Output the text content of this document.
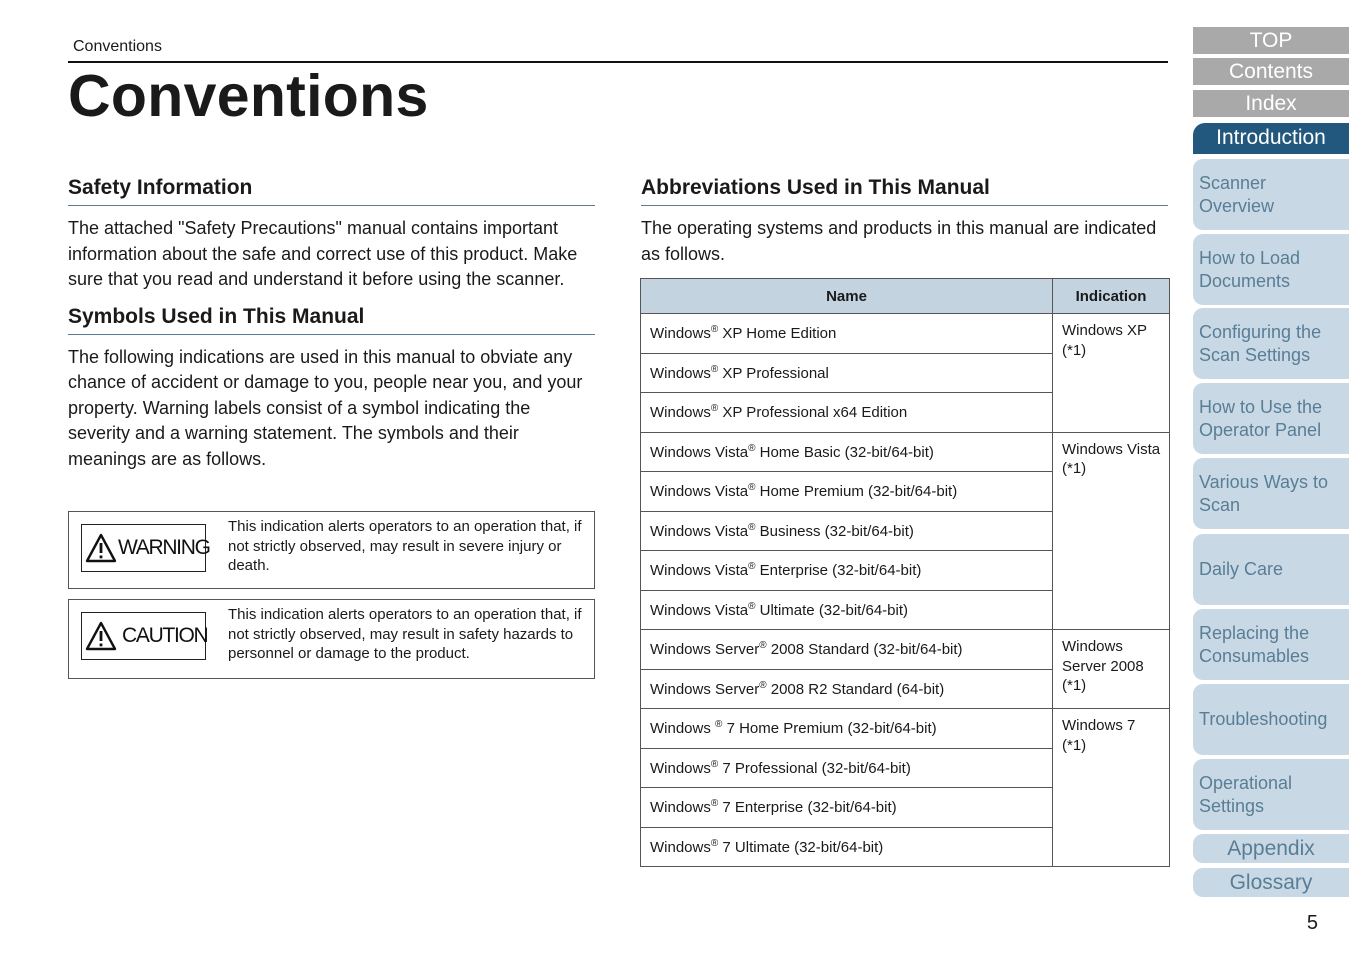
Conventions
Conventions
Safety Information

The attached "Safety Precautions" manual contains important information about the safe and correct use of this product. Make sure that you read and understand it before using the scanner.

Symbols Used in This Manual

The following indications are used in this manual to obviate any chance of accident or damage to you, people near you, and your property. Warning labels consist of a symbol indicating the severity and a warning statement. The symbols and their meanings are as follows.

WARNING
This indication alerts operators to an operation that, if not strictly observed, may result in severe injury or death.
CAUTION
This indication alerts operators to an operation that, if not strictly observed, may result in safety hazards to personnel or damage to the product.
Abbreviations Used in This Manual

The operating systems and products in this manual are indicated as follows.

Name	Indication
Windows® XP Home Edition	Windows XP (*1)
Windows® XP Professional	
Windows® XP Professional x64 Edition	
Windows Vista® Home Basic (32-bit/64-bit)	Windows Vista (*1)
Windows Vista® Home Premium (32-bit/64-bit)	
Windows Vista® Business (32-bit/64-bit)	
Windows Vista® Enterprise (32-bit/64-bit)	
Windows Vista® Ultimate (32-bit/64-bit)	
Windows Server® 2008 Standard (32-bit/64-bit)	Windows Server 2008 (*1)
Windows Server® 2008 R2 Standard (64-bit)	
Windows ® 7 Home Premium (32-bit/64-bit)	Windows 7 (*1)
Windows® 7 Professional (32-bit/64-bit)	
Windows® 7 Enterprise (32-bit/64-bit)	
Windows® 7 Ultimate (32-bit/64-bit)	
TOP
Contents
Index
Introduction
Scanner Overview
How to Load Documents
Configuring the Scan Settings
How to Use the Operator Panel
Various Ways to Scan
Daily Care
Replacing the Consumables
Troubleshooting
Operational Settings
Appendix
Glossary
5
